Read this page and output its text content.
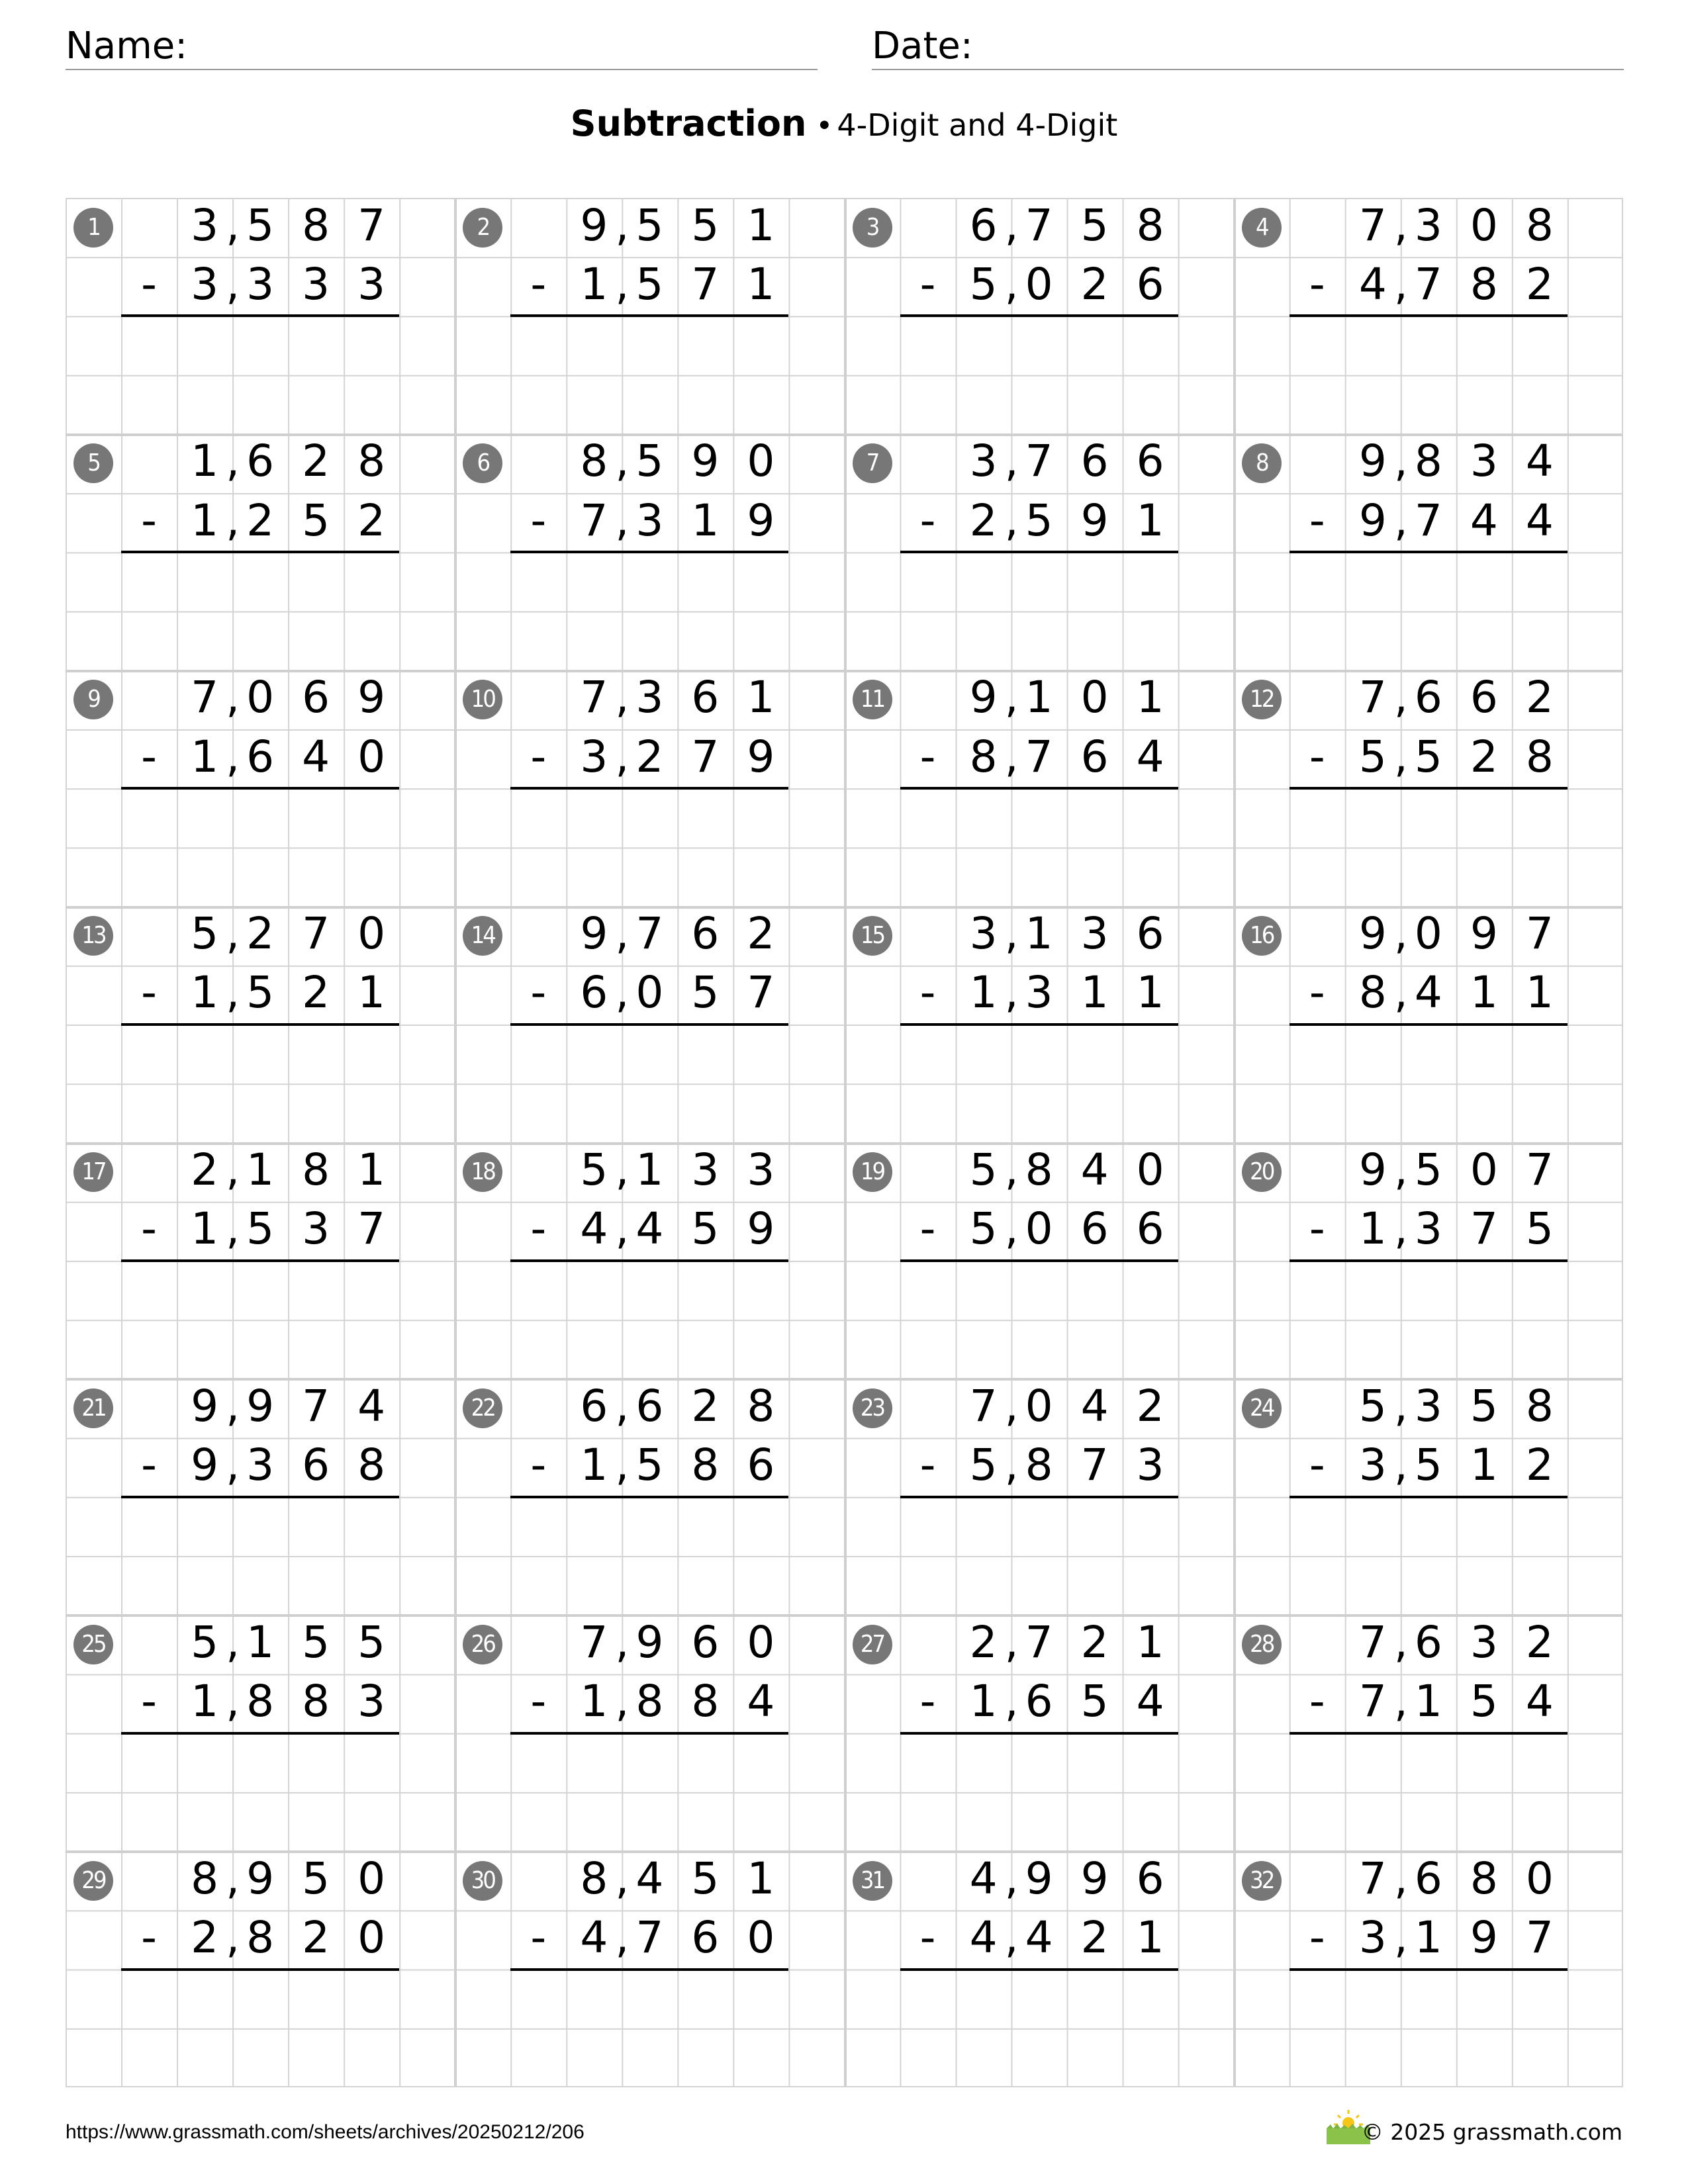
Name:	Date:
Subtraction • 4-Digit and 4-Digit
1	3 5 8 7
,
3 3 3 3
,
-
2	9 5 5 1
,
1 5 7 1
,
-
3	6 7 5 8
,
5 0 2 6
,
-
4	7 3 0 8
,
4 7 8 2
,
-
5	1 6 2 8
,
1 2 5 2
,
-
6	8 5 9 0
,
7 3 1 9
,
-
7	3 7 6 6
,
2 5 9 1
,
-
8	9 8 3 4
,
9 7 4 4
,
-
9	7 0 6 9
,
1 6 4 0
,
-
10	7 3 6 1
,
3 2 7 9
,
-
11	9 1 0 1
,
8 7 6 4
,
-
12	7 6 6 2
,
5 5 2 8
,
-
13	5 2 7 0
,
1 5 2 1
,
-
14	9 7 6 2
,
6 0 5 7
,
-
15	3 1 3 6
,
1 3 1 1
,
-
16	9 0 9 7
,
8 4 1 1
,
-
17	2 1 8 1
,
1 5 3 7
,
-
18	5 1 3 3
,
4 4 5 9
,
-
19	5 8 4 0
,
5 0 6 6
,
-
20	9 5 0 7
,
1 3 7 5
,
-
21	9 9 7 4
,
9 3 6 8
,
-
22	6 6 2 8
,
1 5 8 6
,
-
23	7 0 4 2
,
5 8 7 3
,
-
24	5 3 5 8
,
3 5 1 2
,
-
25	5 1 5 5
,
1 8 8 3
,
-
26	7 9 6 0
,
1 8 8 4
,
-
27	2 7 2 1
,
1 6 5 4
,
-
28	7 6 3 2
,
7 1 5 4
,
-
29	8 9 5 0
,
2 8 2 0
,
-
30	8 4 5 1
,
4 7 6 0
,
-
31	4 9 9 6
,
4 4 2 1
,
-
32	7 6 8 0
,
3 1 9 7
,
-
https://www.grassmath.com/sheets/archives/20250212/206	© 2025 grassmath.com
